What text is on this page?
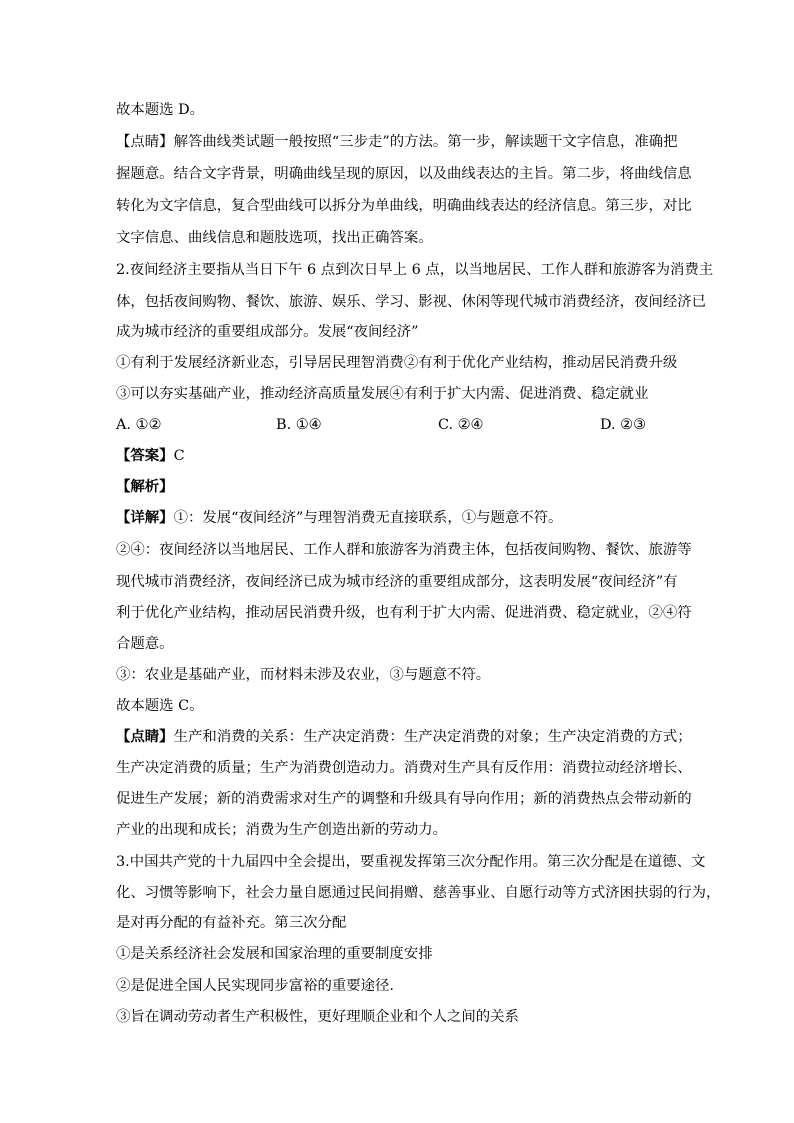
故本题选 D。
【点睛】解答曲线类试题一般按照“三步走”的方法。第一步，解读题干文字信息，准确把
握题意。结合文字背景，明确曲线呈现的原因，以及曲线表达的主旨。第二步，将曲线信息
转化为文字信息，复合型曲线可以拆分为单曲线，明确曲线表达的经济信息。第三步，对比
文字信息、曲线信息和题肢选项，找出正确答案。
2.夜间经济主要指从当日下午 6 点到次日早上 6 点，以当地居民、工作人群和旅游客为消费主
体，包括夜间购物、餐饮、旅游、娱乐、学习、影视、休闲等现代城市消费经济，夜间经济已
成为城市经济的重要组成部分。发展“夜间经济”
①有利于发展经济新业态，引导居民理智消费②有利于优化产业结构，推动居民消费升级
③可以夯实基础产业，推动经济高质量发展④有利于扩大内需、促进消费、稳定就业
A. ①②	B. ①④	C. ②④	D. ②③
【答案】C
【解析】
【详解】①：发展“夜间经济”与理智消费无直接联系，①与题意不符。
②④：夜间经济以当地居民、工作人群和旅游客为消费主体，包括夜间购物、餐饮、旅游等
现代城市消费经济，夜间经济已成为城市经济的重要组成部分，这表明发展“夜间经济”有
利于优化产业结构，推动居民消费升级，也有利于扩大内需、促进消费、稳定就业，②④符
合题意。
③：农业是基础产业，而材料未涉及农业，③与题意不符。
故本题选 C。
【点睛】生产和消费的关系：生产决定消费：生产决定消费的对象；生产决定消费的方式；
生产决定消费的质量；生产为消费创造动力。消费对生产具有反作用：消费拉动经济增长、
促进生产发展；新的消费需求对生产的调整和升级具有导向作用；新的消费热点会带动新的
产业的出现和成长；消费为生产创造出新的劳动力。
3.中国共产党的十九届四中全会提出，要重视发挥第三次分配作用。第三次分配是在道德、文
化、习惯等影响下，社会力量自愿通过民间捐赠、慈善事业、自愿行动等方式济困扶弱的行为，
是对再分配的有益补充。第三次分配
①是关系经济社会发展和国家治理的重要制度安排
②是促进全国人民实现同步富裕的重要途径.
③旨在调动劳动者生产积极性，更好理顺企业和个人之间的关系
